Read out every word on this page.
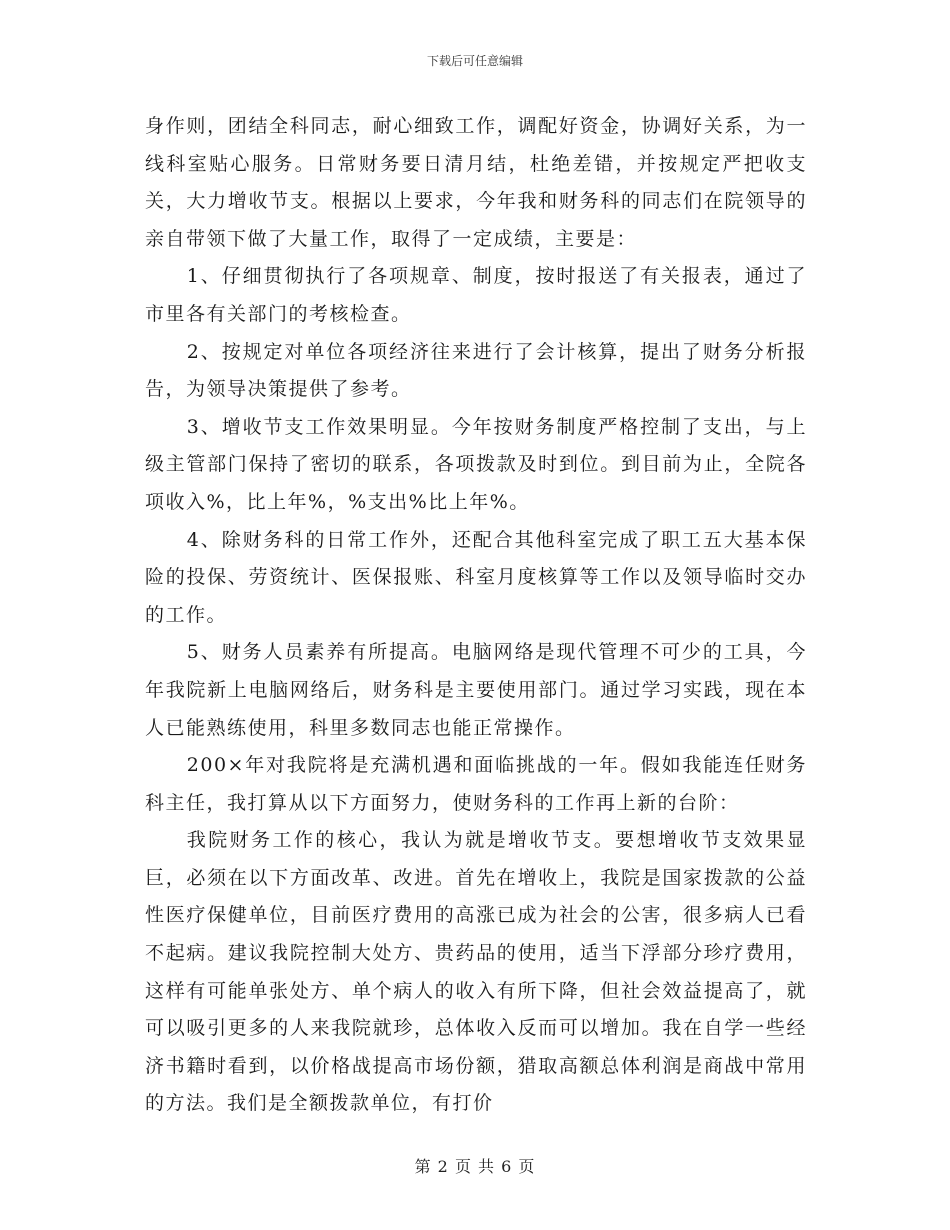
下载后可任意编辑

身作则，团结全科同志，耐心细致工作，调配好资金，协调好关系，为一线科室贴心服务。日常财务要日清月结，杜绝差错，并按规定严把收支关，大力增收节支。根据以上要求，今年我和财务科的同志们在院领导的亲自带领下做了大量工作，取得了一定成绩，主要是：

1、仔细贯彻执行了各项规章、制度，按时报送了有关报表，通过了市里各有关部门的考核检查。

2、按规定对单位各项经济往来进行了会计核算，提出了财务分析报告，为领导决策提供了参考。

3、增收节支工作效果明显。今年按财务制度严格控制了支出，与上级主管部门保持了密切的联系，各项拨款及时到位。到目前为止，全院各项收入%，比上年%，%支出%比上年%。

4、除财务科的日常工作外，还配合其他科室完成了职工五大基本保险的投保、劳资统计、医保报账、科室月度核算等工作以及领导临时交办的工作。

5、财务人员素养有所提高。电脑网络是现代管理不可少的工具，今年我院新上电脑网络后，财务科是主要使用部门。通过学习实践，现在本人已能熟练使用，科里多数同志也能正常操作。

200×年对我院将是充满机遇和面临挑战的一年。假如我能连任财务科主任，我打算从以下方面努力，使财务科的工作再上新的台阶：

我院财务工作的核心，我认为就是增收节支。要想增收节支效果显巨，必须在以下方面改革、改进。首先在增收上，我院是国家拨款的公益性医疗保健单位，目前医疗费用的高涨已成为社会的公害，很多病人已看不起病。建议我院控制大处方、贵药品的使用，适当下浮部分珍疗费用，这样有可能单张处方、单个病人的收入有所下降，但社会效益提高了，就可以吸引更多的人来我院就珍，总体收入反而可以增加。我在自学一些经济书籍时看到，以价格战提高市场份额，猎取高额总体利润是商战中常用的方法。我们是全额拨款单位，有打价

第 2 页 共 6 页
